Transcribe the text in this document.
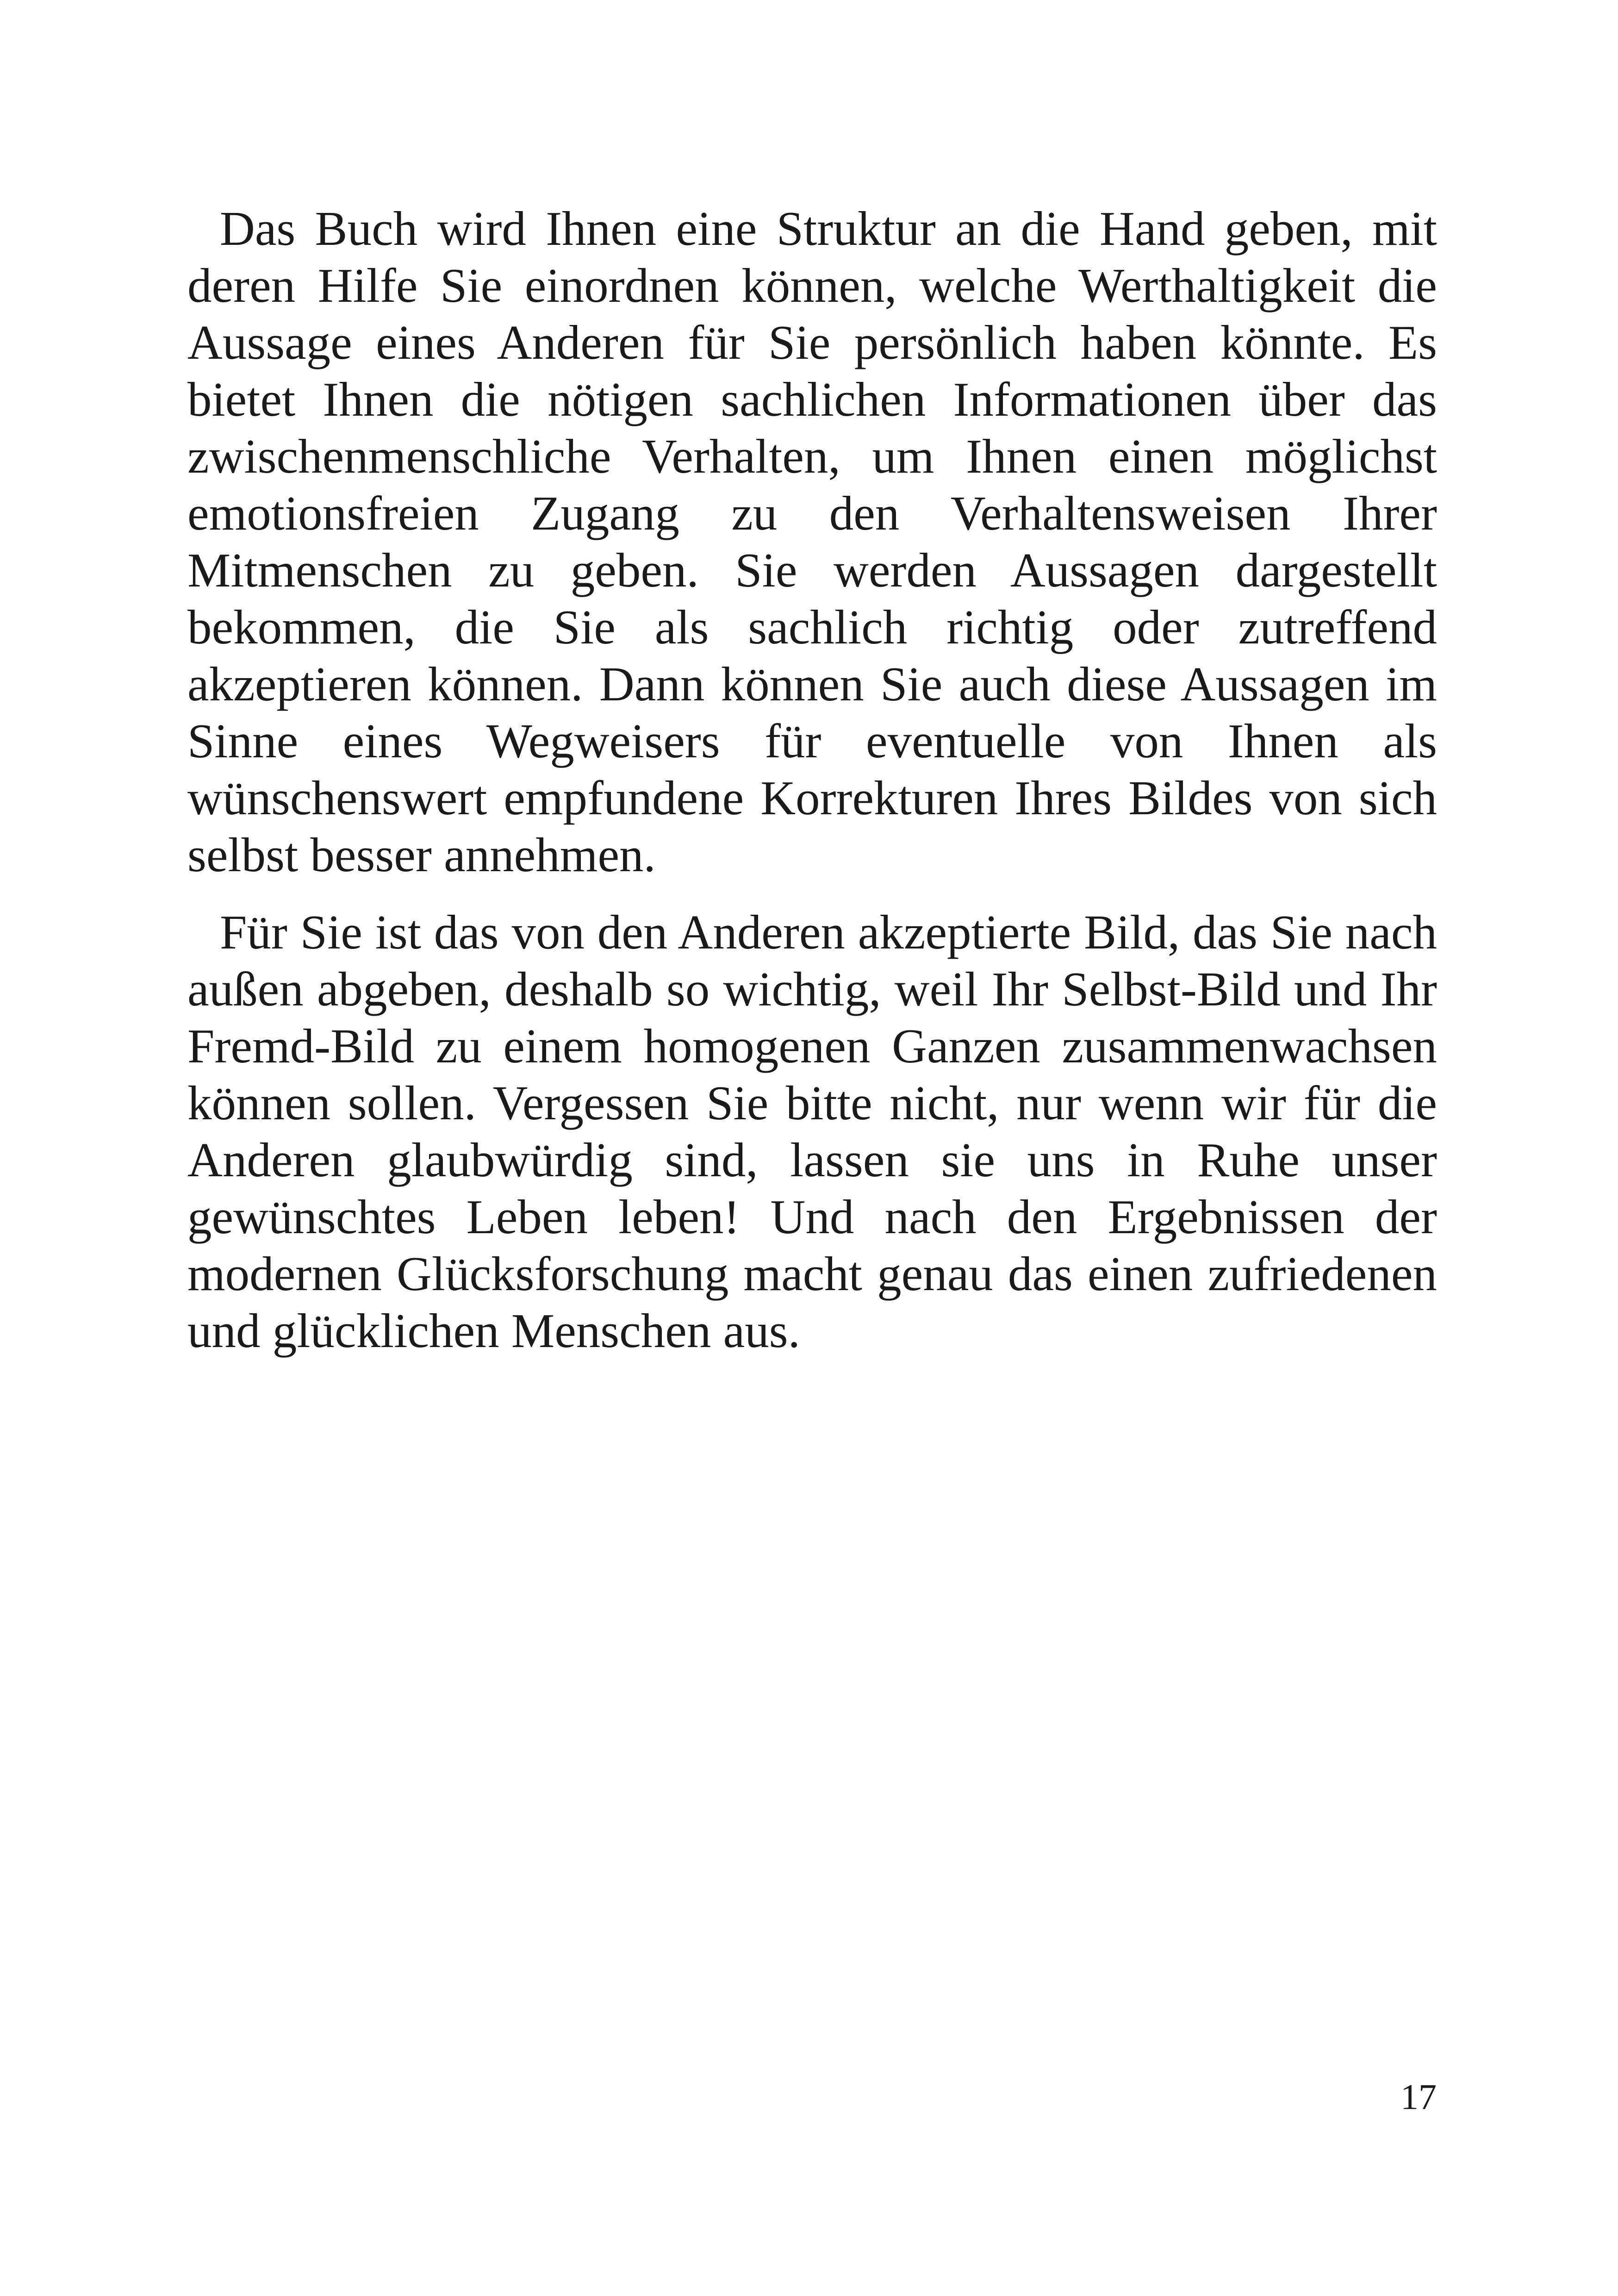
Das Buch wird Ihnen eine Struktur an die Hand geben, mit deren Hilfe Sie einordnen können, welche Werthaltigkeit die Aussage eines Anderen für Sie persönlich haben könnte. Es bietet Ihnen die nötigen sachlichen Informationen über das zwischenmenschliche Verhalten, um Ihnen einen möglichst emotionsfreien Zugang zu den Verhaltensweisen Ihrer Mitmenschen zu geben. Sie werden Aussagen dargestellt bekommen, die Sie als sachlich richtig oder zutreffend akzeptieren können. Dann können Sie auch diese Aussagen im Sinne eines Wegweisers für eventuelle von Ihnen als wünschenswert empfundene Korrekturen Ihres Bildes von sich selbst besser annehmen.

Für Sie ist das von den Anderen akzeptierte Bild, das Sie nach außen abgeben, deshalb so wichtig, weil Ihr Selbst-Bild und Ihr Fremd-Bild zu einem homogenen Ganzen zusammenwachsen können sollen. Vergessen Sie bitte nicht, nur wenn wir für die Anderen glaubwürdig sind, lassen sie uns in Ruhe unser gewünschtes Leben leben! Und nach den Ergebnissen der modernen Glücksforschung macht genau das einen zufriedenen und glücklichen Menschen aus.

17
